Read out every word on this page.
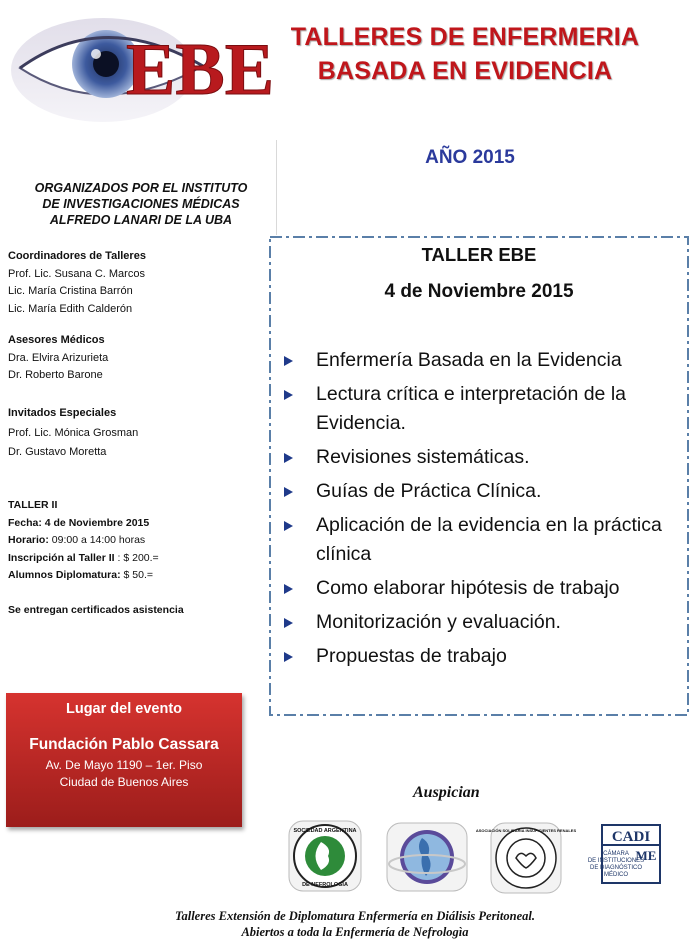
EBE TALLERES DE ENFERMERIA
BASADA EN EVIDENCIA
AÑO 2015
ORGANIZADOS POR EL INSTITUTO
DE INVESTIGACIONES MÉDICAS
ALFREDO LANARI DE LA UBA
Coordinadores de Talleres
Prof. Lic. Susana C. Marcos
Lic. María Cristina Barrón
Lic. María Edith Calderón
Asesores Médicos
Dra. Elvira Arizurieta
Dr. Roberto Barone
Invitados Especiales
Prof. Lic. Mónica Grosman
Dr. Gustavo Moretta
TALLER II
Fecha: 4 de Noviembre 2015
Horario: 09:00 a 14:00 horas
Inscripción al Taller II : $ 200.=
Alumnos Diplomatura: $ 50.=
Se entregan certificados asistencia
Lugar del evento
Fundación Pablo Cassara
Av. De Mayo 1190 – 1er. Piso
Ciudad de Buenos Aires
TALLER EBE
4 de Noviembre 2015
Enfermería Basada en la Evidencia
Lectura crítica e interpretación de la Evidencia.
Revisiones sistemáticas.
Guías de Práctica Clínica.
Aplicación de la evidencia en la práctica clínica
Como elaborar hipótesis de trabajo
Monitorización y evaluación.
Propuestas de trabajo
Auspician
SOCIEDAD ARGENTINA
DE NEFROLOGIA
ASOCIACIÓN SOLIDARIA INSUFICIENTES RENALES CADI
ME
CÁMARA
DE INSTITUCIONES
DE DIAGNÓSTICO
MÉDICO
Talleres Extensión de Diplomatura Enfermería en Diálisis Peritoneal.
Abiertos a toda la Enfermería de Nefrologìa
